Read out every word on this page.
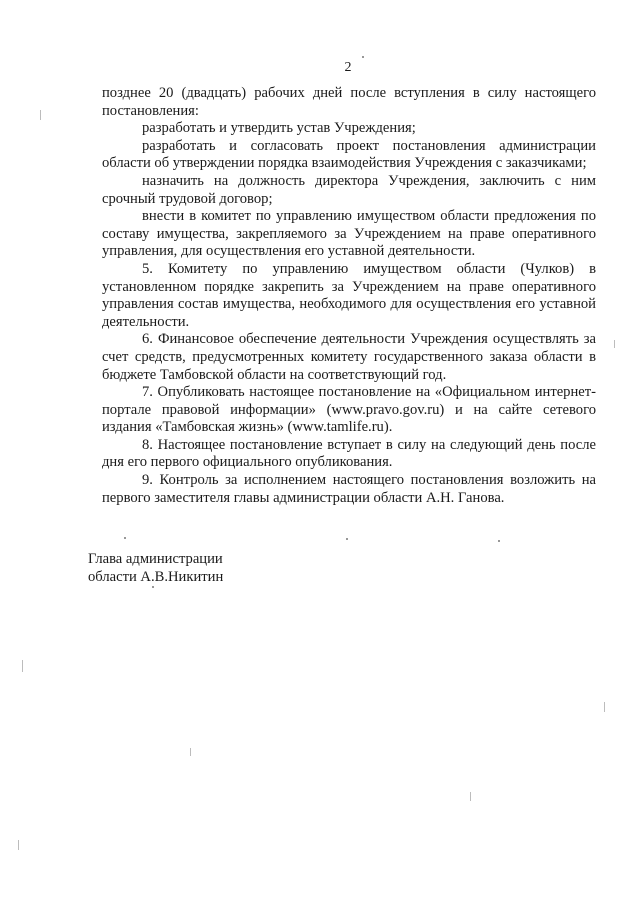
2

позднее 20 (двадцать) рабочих дней после вступления в силу настоящего постановления:

разработать и утвердить устав Учреждения;

разработать и согласовать проект постановления администрации области об утверждении порядка взаимодействия Учреждения с заказчиками;

назначить на должность директора Учреждения, заключить с ним срочный трудовой договор;

внести в комитет по управлению имуществом области предложения по составу имущества, закрепляемого за Учреждением на праве оперативного управления, для осуществления его уставной деятельности.

5. Комитету по управлению имуществом области (Чулков) в установленном порядке закрепить за Учреждением на праве оперативного управления состав имущества, необходимого для осуществления его уставной деятельности.

6. Финансовое обеспечение деятельности Учреждения осуществлять за счет средств, предусмотренных комитету государственного заказа области в бюджете Тамбовской области на соответствующий год.

7. Опубликовать настоящее постановление на «Официальном интернет-портале правовой информации» (www.pravo.gov.ru) и на сайте сетевого издания «Тамбовская жизнь» (www.tamlife.ru).

8. Настоящее постановление вступает в силу на следующий день после дня его первого официального опубликования.

9. Контроль за исполнением настоящего постановления возложить на первого заместителя главы администрации области А.Н. Ганова.

Глава администрации
области А.В.Никитин
